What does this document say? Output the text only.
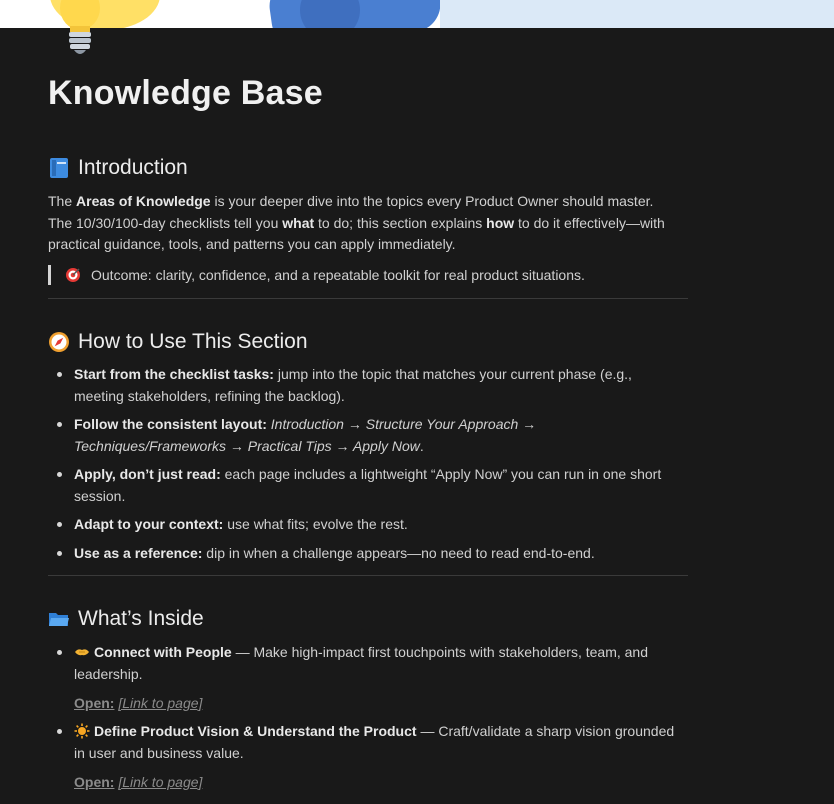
Knowledge Base
Introduction

The Areas of Knowledge is your deeper dive into the topics every Product Owner should master.
The 10/30/100-day checklists tell you what to do; this section explains how to do it effectively—with
practical guidance, tools, and patterns you can apply immediately.

Outcome: clarity, confidence, and a repeatable toolkit for real product situations.
How to Use This Section
Start from the checklist tasks: jump into the topic that matches your current phase (e.g.,
meeting stakeholders, refining the backlog).
Follow the consistent layout: Introduction → Structure Your Approach →
Techniques/Frameworks → Practical Tips → Apply Now.
Apply, don’t just read: each page includes a lightweight “Apply Now” you can run in one short
session.
Adapt to your context: use what fits; evolve the rest.
Use as a reference: dip in when a challenge appears—no need to read end-to-end.
What’s Inside
Connect with People — Make high-impact first touchpoints with stakeholders, team, and
leadership.
Open: [Link to page]
Define Product Vision & Understand the Product — Craft/validate a sharp vision grounded
in user and business value.
Open: [Link to page]
